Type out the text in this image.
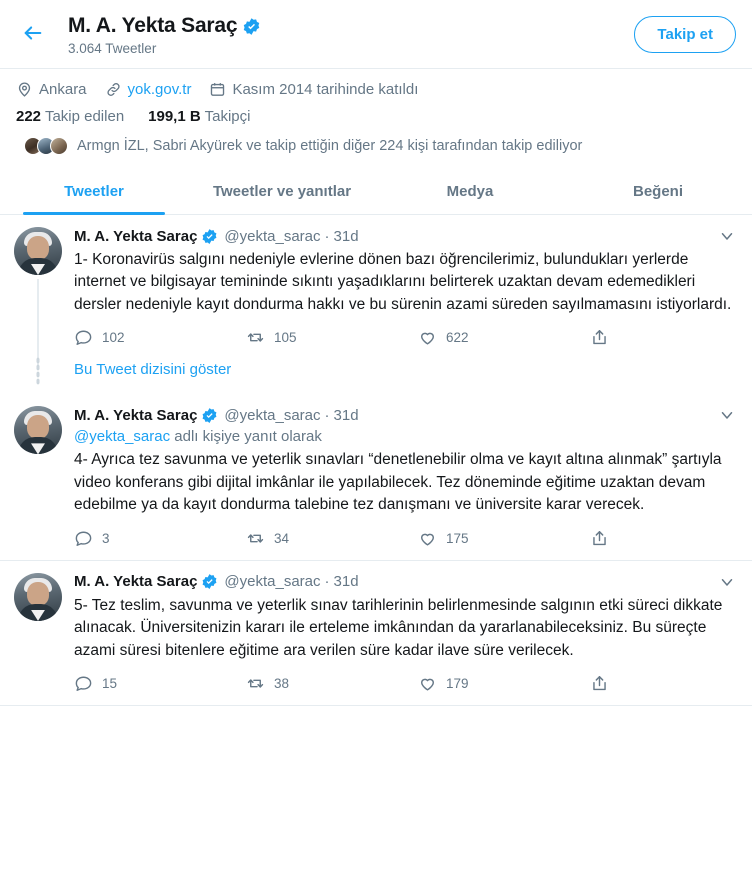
M. A. Yekta Saraç
3.064 Tweetler
Takip et
Ankara	yok.gov.tr	Kasım 2014 tarihinde katıldı
222 Takip edilen 199,1 B Takipçi
Armgn İZL, Sabri Akyürek ve takip ettiğin diğer 224 kişi tarafından takip ediliyor
Tweetler	Tweetler ve yanıtlar	Medya	Beğeni
M. A. Yekta Saraç @yekta_sarac · 31d
1- Koronavirüs salgını nedeniyle evlerine dönen bazı öğrencilerimiz, bulundukları yerlerde internet ve bilgisayar temininde sıkıntı yaşadıklarını belirterek uzaktan devam edemedikleri dersler nedeniyle kayıt dondurma hakkı ve bu sürenin azami süreden sayılmamasını istiyorlardı.
102	105	622
Bu Tweet dizisini göster
M. A. Yekta Saraç @yekta_sarac · 31d
@yekta_sarac adlı kişiye yanıt olarak
4- Ayrıca tez savunma ve yeterlik sınavları “denetlenebilir olma ve kayıt altına alınmak” şartıyla video konferans gibi dijital imkânlar ile yapılabilecek. Tez döneminde eğitime uzaktan devam edebilme ya da kayıt dondurma talebine tez danışmanı ve üniversite karar verecek.
3	34	175
M. A. Yekta Saraç @yekta_sarac · 31d
5- Tez teslim, savunma ve yeterlik sınav tarihlerinin belirlenmesinde salgının etki süreci dikkate alınacak. Üniversitenizin kararı ile erteleme imkânından da yararlanabileceksiniz. Bu süreçte azami süresi bitenlere eğitime ara verilen süre kadar ilave süre verilecek.
15	38	179
